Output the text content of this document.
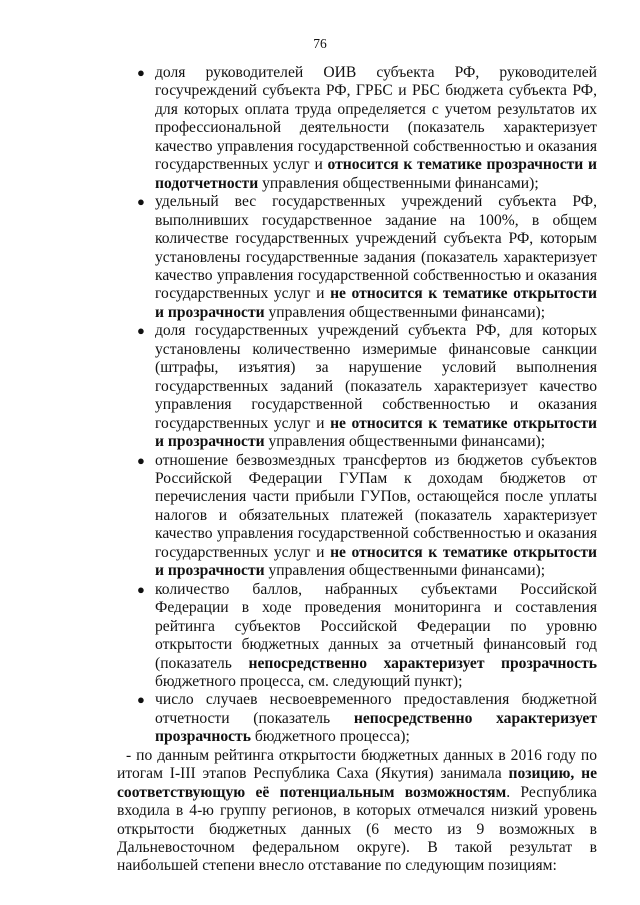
76
● доля руководителей ОИВ субъекта РФ, руководителей госучреждений субъекта РФ, ГРБС и РБС бюджета субъекта РФ, для которых оплата труда определяется с учетом результатов их профессиональной деятельности (показатель характеризует качество управления государственной собственностью и оказания государственных услуг и относится к тематике прозрачности и подотчетности управления общественными финансами);
● удельный вес государственных учреждений субъекта РФ, выполнивших государственное задание на 100%, в общем количестве государственных учреждений субъекта РФ, которым установлены государственные задания (показатель характеризует качество управления государственной собственностью и оказания государственных услуг и не относится к тематике открытости и прозрачности управления общественными финансами);
● доля государственных учреждений субъекта РФ, для которых установлены количественно измеримые финансовые санкции (штрафы, изъятия) за нарушение условий выполнения государственных заданий (показатель характеризует качество управления государственной собственностью и оказания государственных услуг и не относится к тематике открытости и прозрачности управления общественными финансами);
● отношение безвозмездных трансфертов из бюджетов субъектов Российской Федерации ГУПам к доходам бюджетов от перечисления части прибыли ГУПов, остающейся после уплаты налогов и обязательных платежей (показатель характеризует качество управления государственной собственностью и оказания государственных услуг и не относится к тематике открытости и прозрачности управления общественными финансами);
● количество баллов, набранных субъектами Российской Федерации в ходе проведения мониторинга и составления рейтинга субъектов Российской Федерации по уровню открытости бюджетных данных за отчетный финансовый год (показатель непосредственно характеризует прозрачность бюджетного процесса, см. следующий пункт);
● число случаев несвоевременного предоставления бюджетной отчетности (показатель непосредственно характеризует прозрачность бюджетного процесса);

- по данным рейтинга открытости бюджетных данных в 2016 году по итогам I-III этапов Республика Саха (Якутия) занимала позицию, не соответствующую её потенциальным возможностям. Республика входила в 4-ю группу регионов, в которых отмечался низкий уровень открытости бюджетных данных (6 место из 9 возможных в Дальневосточном федеральном округе). В такой результат в наибольшей степени внесло отставание по следующим позициям:
